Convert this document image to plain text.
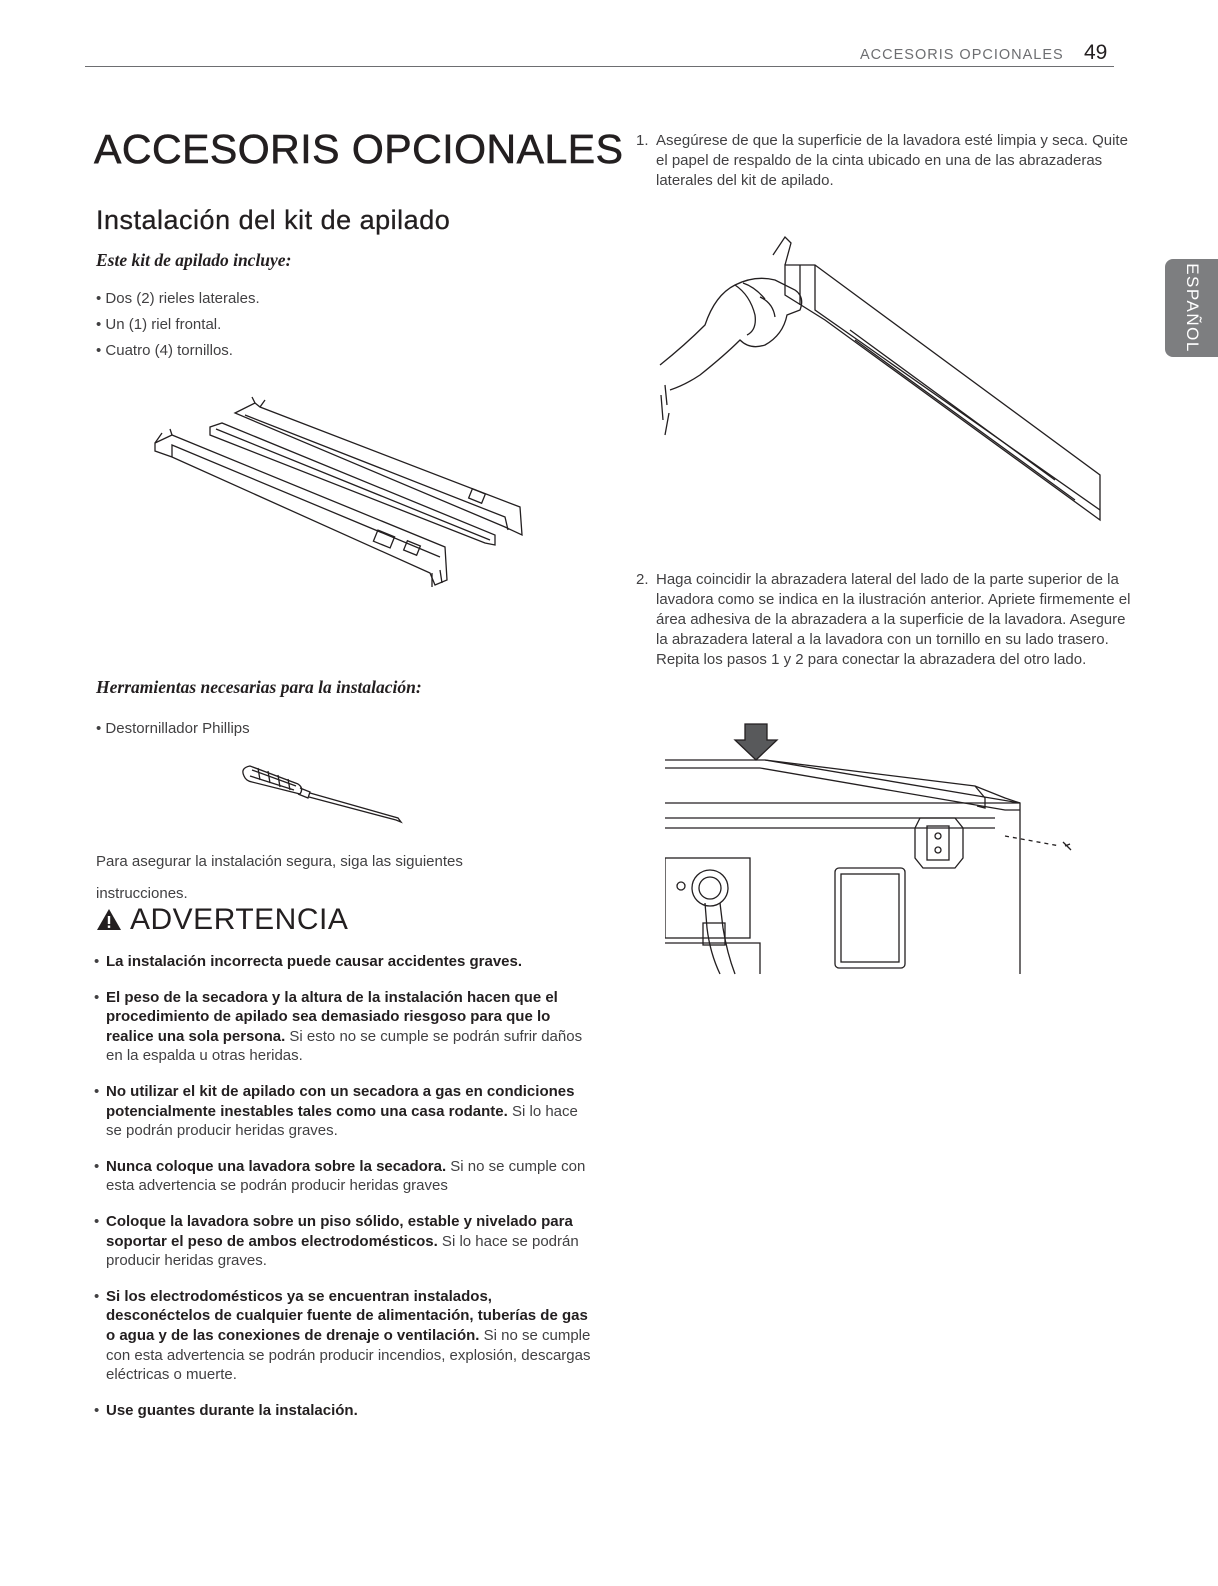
ACCESORIS OPCIONALES 49
ESPAÑOL
ACCESORIS OPCIONALES
Instalación del kit de apilado
Este kit de apilado incluye:
• Dos (2) rieles laterales.
• Un (1) riel frontal.
• Cuatro (4) tornillos.
Herramientas necesarias para la instalación:
• Destornillador Phillips
Para asegurar la instalación segura, siga las siguientes instrucciones.
ADVERTENCIA
• La instalación incorrecta puede causar accidentes graves.
• El peso de la secadora y la altura de la instalación hacen que el procedimiento de apilado sea demasiado riesgoso para que lo realice una sola persona. Si esto no se cumple se podrán sufrir daños en la espalda u otras heridas.
• No utilizar el kit de apilado con un secadora a gas en condiciones potencialmente inestables tales como una casa rodante. Si lo hace se podrán producir heridas graves.
• Nunca coloque una lavadora sobre la secadora. Si no se cumple con esta advertencia se podrán producir heridas graves
• Coloque la lavadora sobre un piso sólido, estable y nivelado para soportar el peso de ambos electrodomésticos. Si lo hace se podrán producir heridas graves.
• Si los electrodomésticos ya se encuentran instalados, desconéctelos de cualquier fuente de alimentación, tuberías de gas o agua y de las conexiones de drenaje o ventilación. Si no se cumple con esta advertencia se podrán producir incendios, explosión, descargas eléctricas o muerte.
• Use guantes durante la instalación.
1. Asegúrese de que la superficie de la lavadora esté limpia y seca. Quite el papel de respaldo de la cinta ubicado en una de las abrazaderas laterales del kit de apilado.
2. Haga coincidir la abrazadera lateral del lado de la parte superior de la lavadora como se indica en la ilustración anterior. Apriete firmemente el área adhesiva de la abrazadera a la superficie de la lavadora. Asegure la abrazadera lateral a la lavadora con un tornillo en su lado trasero. Repita los pasos 1 y 2 para conectar la abrazadera del otro lado.
